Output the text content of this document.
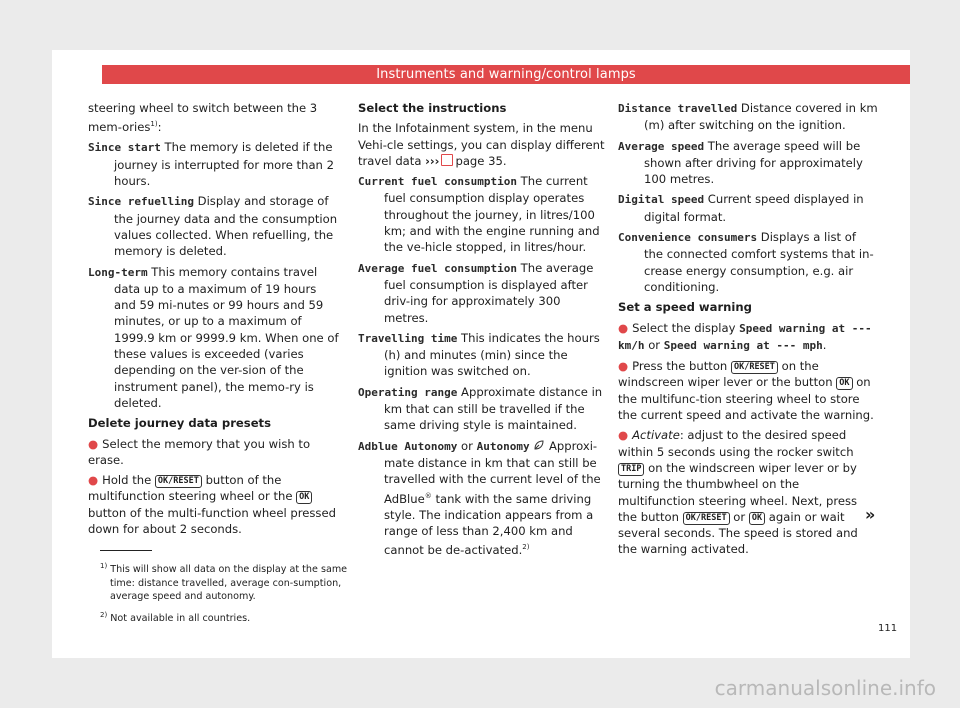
Instruments and warning/control lamps

steering wheel to switch between the 3 mem-ories$^{1)}$:

Since start The memory is deleted if the journey is interrupted for more than 2 hours.

Since refuelling Display and storage of the journey data and the consumption values collected. When refuelling, the memory is deleted.

Long-term This memory contains travel data up to a maximum of 19 hours and 59 mi-nutes or 99 hours and 59 minutes, or up to a maximum of 1999.9 km or 9999.9 km. When one of these values is exceeded (varies depending on the ver-sion of the instrument panel), the memo-ry is deleted.

Delete journey data presets

● Select the memory that you wish to erase.

● Hold the OK/RESET button of the multifunction steering wheel or the OK button of the multi-function wheel pressed down for about 2 seconds.

Select the instructions

In the Infotainment system, in the menu Vehi-cle settings, you can display different travel data ››› page 35.

Current fuel consumption The current fuel consumption display operates throughout the journey, in litres/100 km; and with the engine running and the ve-hicle stopped, in litres/hour.

Average fuel consumption The average fuel consumption is displayed after driv-ing for approximately 300 metres.

Travelling time This indicates the hours (h) and minutes (min) since the ignition was switched on.

Operating range Approximate distance in km that can still be travelled if the same driving style is maintained.

Adblue Autonomy or Autonomy Approxi-mate distance in km that can still be travelled with the current level of the AdBlue® tank with the same driving style. The indication appears from a range of less than 2,400 km and cannot be de-activated.$^{2)}$

Distance travelled Distance covered in km (m) after switching on the ignition.

Average speed The average speed will be shown after driving for approximately 100 metres.

Digital speed Current speed displayed in digital format.

Convenience consumers Displays a list of the connected comfort systems that in-crease energy consumption, e.g. air conditioning.

Set a speed warning

● Select the display Speed warning at --- km/h or Speed warning at --- mph.

● Press the button OK/RESET on the windscreen wiper lever or the button OK on the multifunc-tion steering wheel to store the current speed and activate the warning.

● Activate: adjust to the desired speed within 5 seconds using the rocker switch TRIP on the windscreen wiper lever or by turning the thumbwheel on the multifunction steering wheel. Next, press the button OK/RESET or OK again or wait several seconds. The speed is stored and the warning activated.

»

$^{1)}$ This will show all data on the display at the same time: distance travelled, average con-sumption, average speed and autonomy.

$^{2)}$ Not available in all countries.

111
carmanualsonline.info
